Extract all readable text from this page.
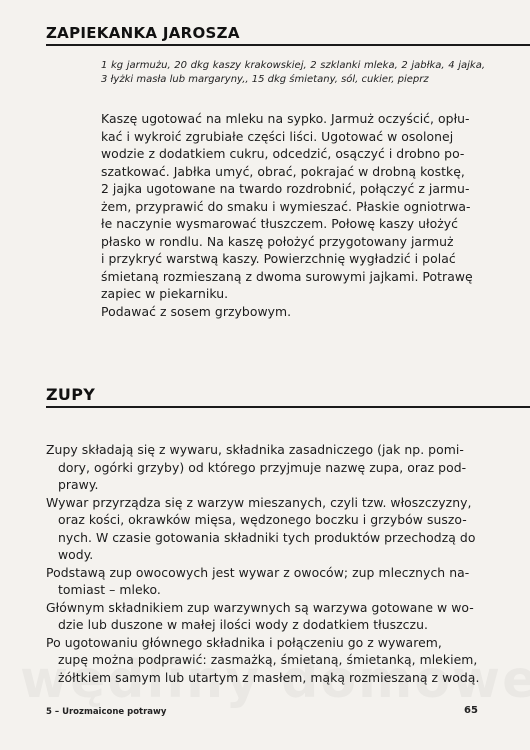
ZAPIEKANKA JAROSZA

1 kg jarmużu, 20 dkg kaszy krakowskiej, 2 szklanki mleka, 2 jabłka, 4 jajka, 3 łyżki masła lub margaryny,, 15 dkg śmietany, sól, cukier, pieprz

Kaszę ugotować na mleku na sypko. Jarmuż oczyścić, opłu-

kać i wykroić zgrubiałe części liści. Ugotować w osolonej

wodzie z dodatkiem cukru, odcedzić, osączyć i drobno po-

szatkować. Jabłka umyć, obrać, pokrajać w drobną kostkę,

2 jajka ugotowane na twardo rozdrobnić, połączyć z jarmu-

żem, przyprawić do smaku i wymieszać. Płaskie ogniotrwa-

łe naczynie wysmarować tłuszczem. Połowę kaszy ułożyć

płasko w rondlu. Na kaszę położyć przygotowany jarmuż

i przykryć warstwą kaszy. Powierzchnię wygładzić i polać

śmietaną rozmieszaną z dwoma surowymi jajkami. Potrawę

zapiec w piekarniku.

Podawać z sosem grzybowym.

ZUPY

Zupy składają się z wywaru, składnika zasadniczego (jak np. pomi-

dory, ogórki grzyby) od którego przyjmuje nazwę zupa, oraz pod-

prawy.

Wywar przyrządza się z warzyw mieszanych, czyli tzw. włoszczyzny,

oraz kości, okrawków mięsa, wędzonego boczku i grzybów suszo-

nych. W czasie gotowania składniki tych produktów przechodzą do

wody.

Podstawą zup owocowych jest wywar z owoców; zup mlecznych na-

tomiast – mleko.

Głównym składnikiem zup warzywnych są warzywa gotowane w wo-

dzie lub duszone w małej ilości wody z dodatkiem tłuszczu.

Po ugotowaniu głównego składnika i połączeniu go z wywarem,

zupę można podprawić: zasmażką, śmietaną, śmietanką, mlekiem,

żółtkiem samym lub utartym z masłem, mąką rozmieszaną z wodą.

5 – Urozmaicone potrawy	65
